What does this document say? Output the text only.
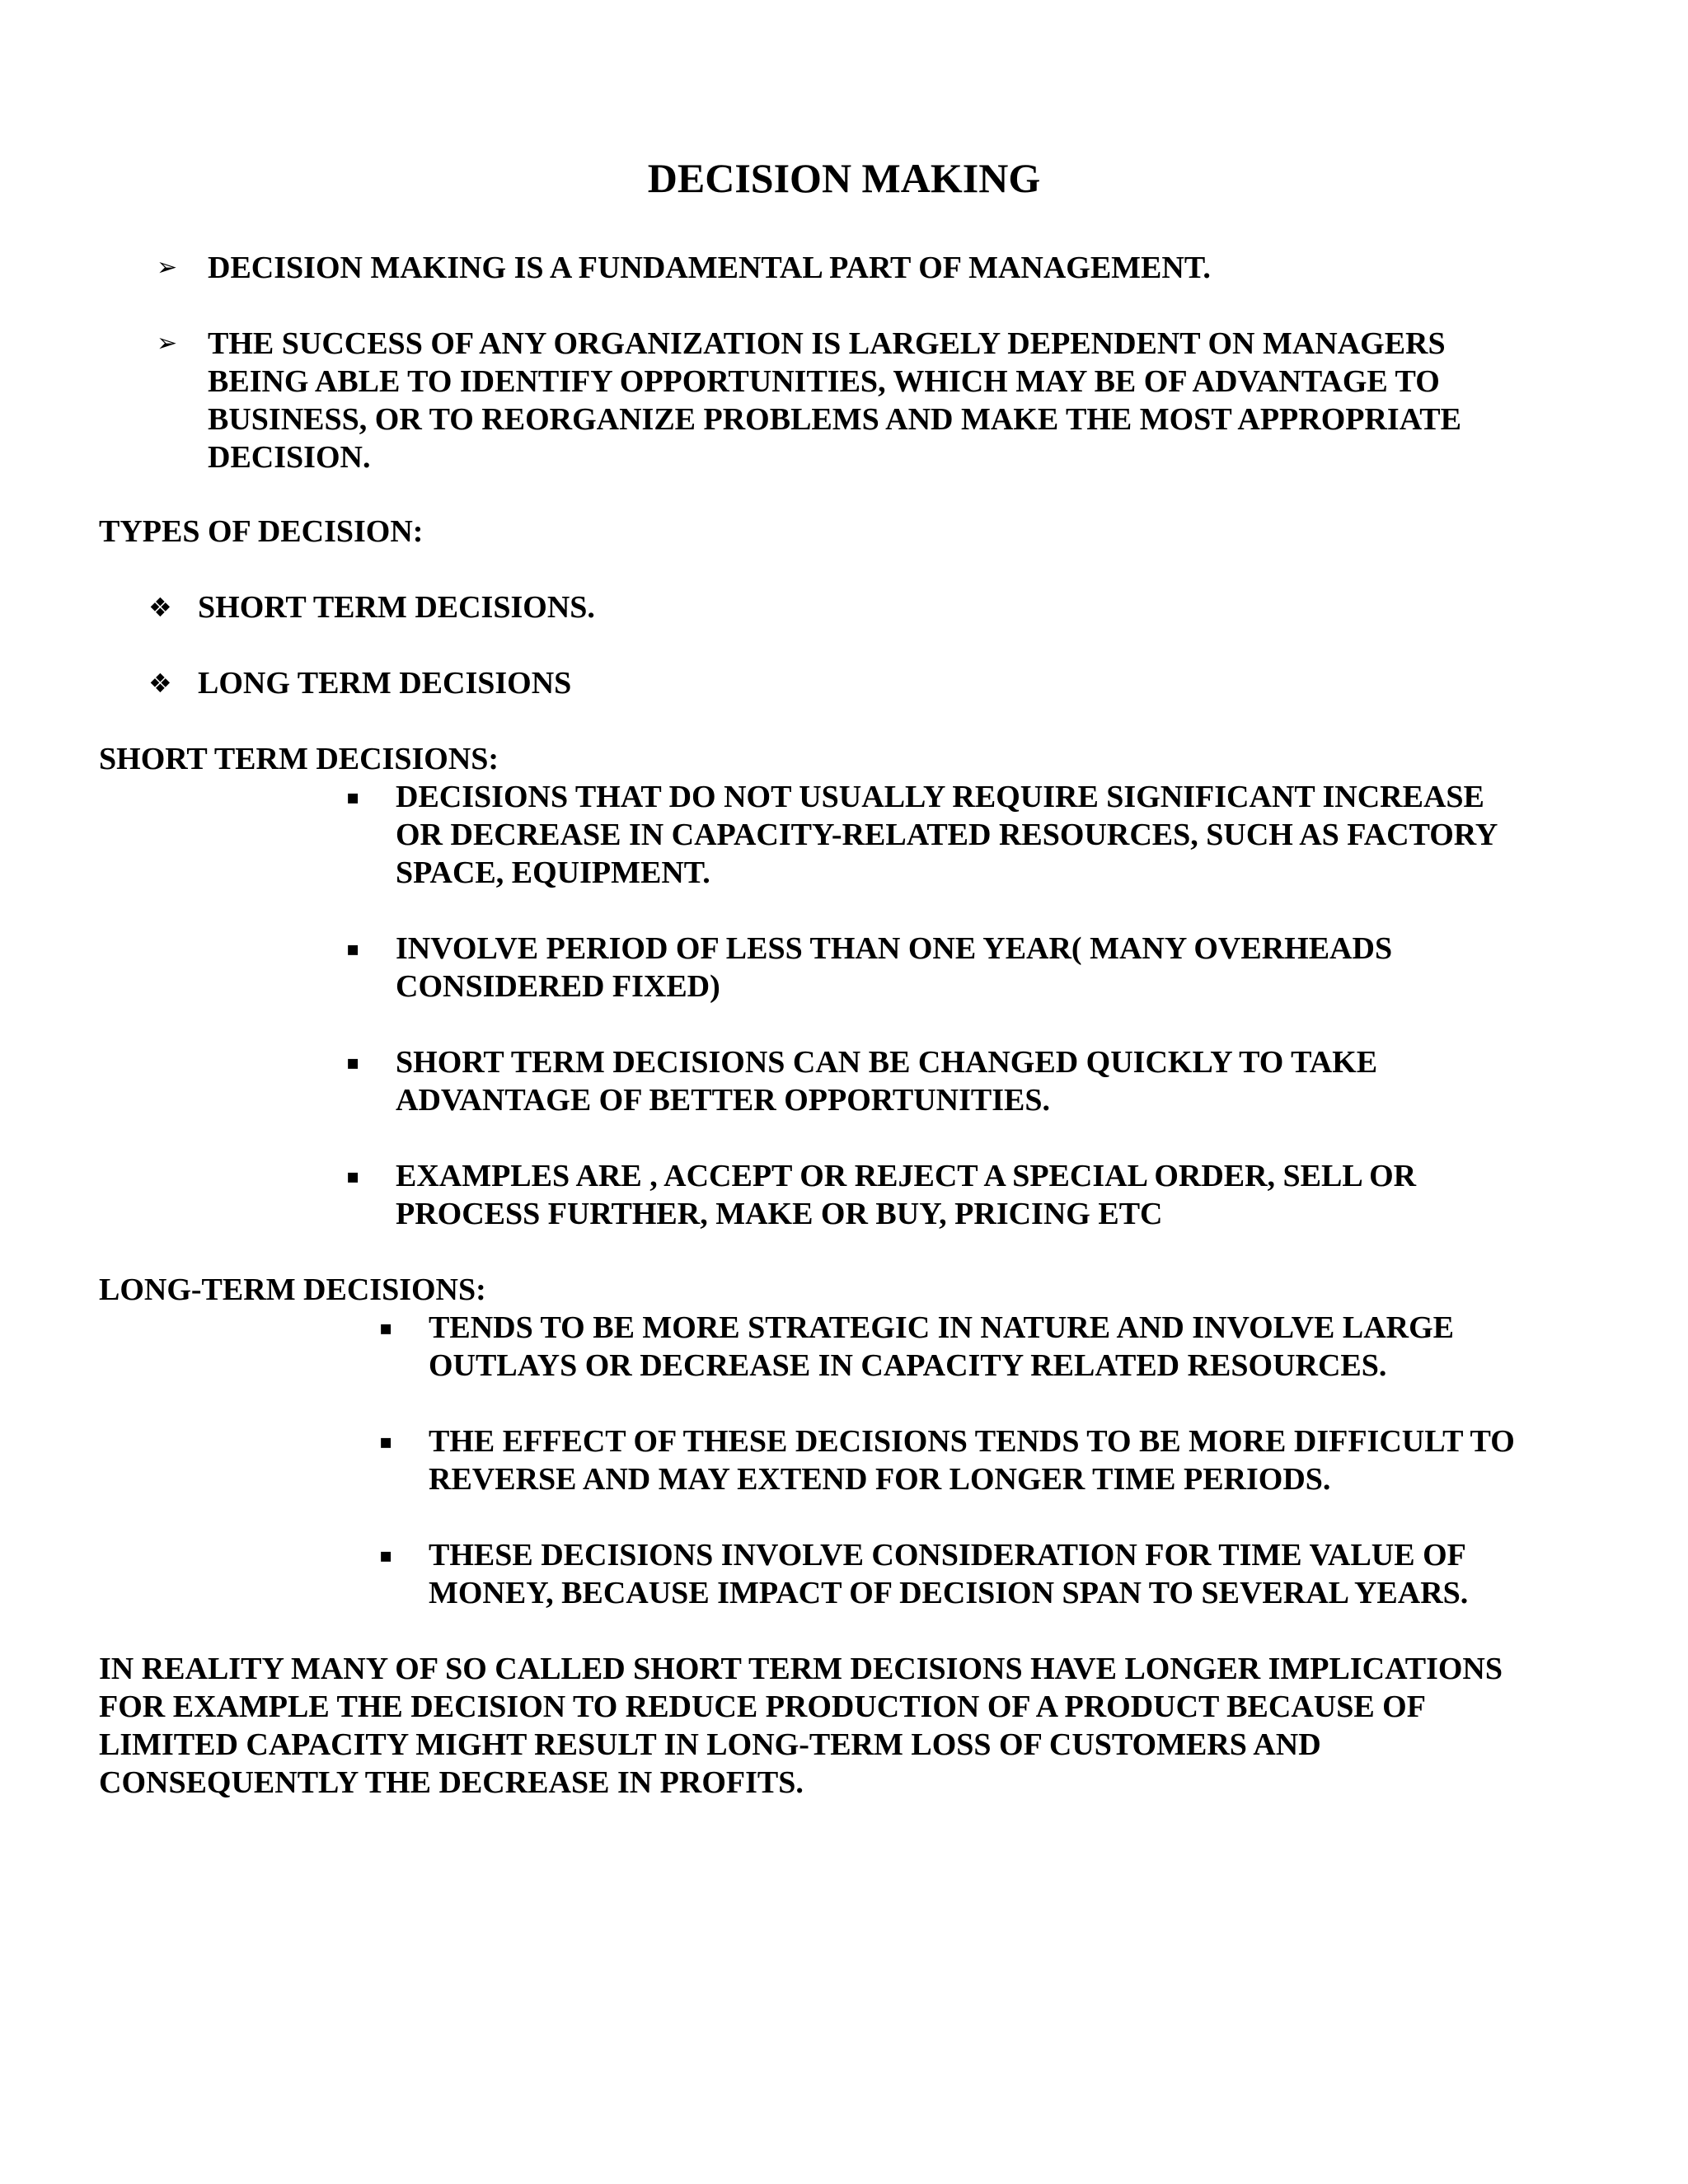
DECISION MAKING
➢ DECISION MAKING IS A FUNDAMENTAL PART OF MANAGEMENT.
➢ THE SUCCESS OF ANY ORGANIZATION IS LARGELY DEPENDENT ON MANAGERS
BEING ABLE TO IDENTIFY OPPORTUNITIES, WHICH MAY BE OF ADVANTAGE TO
BUSINESS, OR TO REORGANIZE PROBLEMS AND MAKE THE MOST APPROPRIATE
DECISION.
TYPES OF DECISION:
❖ SHORT TERM DECISIONS.
❖ LONG TERM DECISIONS
SHORT TERM DECISIONS:
▪ DECISIONS THAT DO NOT USUALLY REQUIRE SIGNIFICANT INCREASE
OR DECREASE IN CAPACITY-RELATED RESOURCES, SUCH AS FACTORY
SPACE, EQUIPMENT.
▪ INVOLVE PERIOD OF LESS THAN ONE YEAR( MANY OVERHEADS
CONSIDERED FIXED)
▪ SHORT TERM DECISIONS CAN BE CHANGED QUICKLY TO TAKE
ADVANTAGE OF BETTER OPPORTUNITIES.
▪ EXAMPLES ARE , ACCEPT OR REJECT A SPECIAL ORDER, SELL OR
PROCESS FURTHER, MAKE OR BUY, PRICING ETC
LONG-TERM DECISIONS:
▪ TENDS TO BE MORE STRATEGIC IN NATURE AND INVOLVE LARGE
OUTLAYS OR DECREASE IN CAPACITY RELATED RESOURCES.
▪ THE EFFECT OF THESE DECISIONS TENDS TO BE MORE DIFFICULT TO
REVERSE AND MAY EXTEND FOR LONGER TIME PERIODS.
▪ THESE DECISIONS INVOLVE CONSIDERATION FOR TIME VALUE OF
MONEY, BECAUSE IMPACT OF DECISION SPAN TO SEVERAL YEARS.
IN REALITY MANY OF SO CALLED SHORT TERM DECISIONS HAVE LONGER IMPLICATIONS
FOR EXAMPLE THE DECISION TO REDUCE PRODUCTION OF A PRODUCT BECAUSE OF
LIMITED CAPACITY MIGHT RESULT IN LONG-TERM LOSS OF CUSTOMERS AND
CONSEQUENTLY THE DECREASE IN PROFITS.
